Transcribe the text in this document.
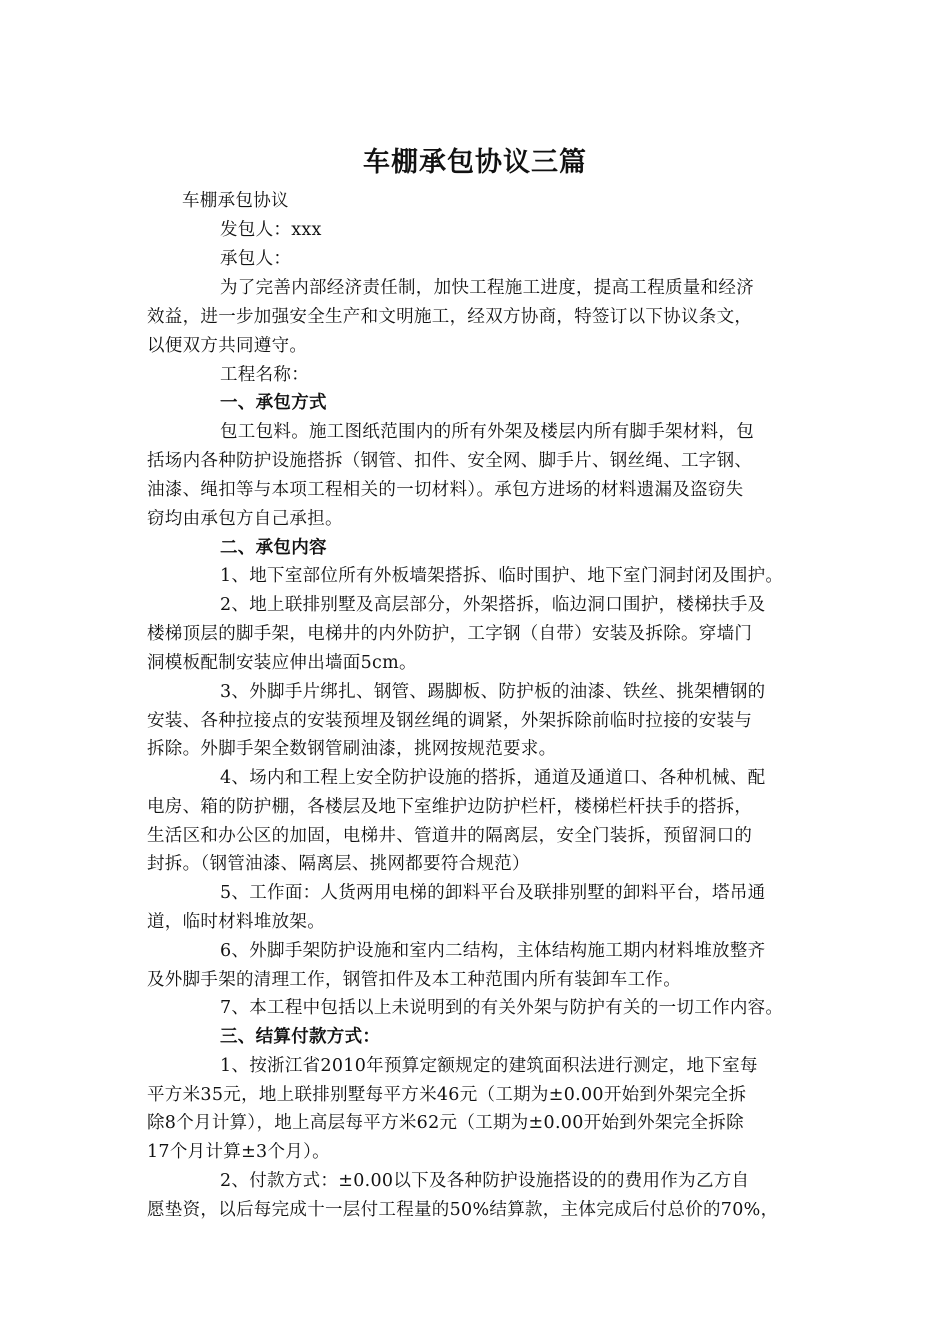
车棚承包协议三篇
车棚承包协议
发包人：xxx
承包人：
为了完善内部经济责任制，加快工程施工进度，提高工程质量和经济
效益，进一步加强安全生产和文明施工，经双方协商，特签订以下协议条文，
以便双方共同遵守。
工程名称：
一、承包方式
包工包料。施工图纸范围内的所有外架及楼层内所有脚手架材料，包
括场内各种防护设施搭拆（钢管、扣件、安全网、脚手片、钢丝绳、工字钢、
油漆、绳扣等与本项工程相关的一切材料）。承包方进场的材料遗漏及盗窃失
窃均由承包方自己承担。
二、承包内容
1、地下室部位所有外板墙架搭拆、临时围护、地下室门洞封闭及围护。
2、地上联排别墅及高层部分，外架搭拆，临边洞口围护，楼梯扶手及
楼梯顶层的脚手架，电梯井的内外防护，工字钢（自带）安装及拆除。穿墙门
洞模板配制安装应伸出墙面5cm。
3、外脚手片绑扎、钢管、踢脚板、防护板的油漆、铁丝、挑架槽钢的
安装、各种拉接点的安装预埋及钢丝绳的调紧，外架拆除前临时拉接的安装与
拆除。外脚手架全数钢管刷油漆，挑网按规范要求。
4、场内和工程上安全防护设施的搭拆，通道及通道口、各种机械、配
电房、箱的防护棚，各楼层及地下室维护边防护栏杆，楼梯栏杆扶手的搭拆，
生活区和办公区的加固，电梯井、管道井的隔离层，安全门装拆，预留洞口的
封拆。（钢管油漆、隔离层、挑网都要符合规范）
5、工作面：人货两用电梯的卸料平台及联排别墅的卸料平台，塔吊通
道，临时材料堆放架。
6、外脚手架防护设施和室内二结构，主体结构施工期内材料堆放整齐
及外脚手架的清理工作，钢管扣件及本工种范围内所有装卸车工作。
7、本工程中包括以上未说明到的有关外架与防护有关的一切工作内容。
三、结算付款方式：
1、按浙江省2010年预算定额规定的建筑面积法进行测定，地下室每
平方米35元，地上联排别墅每平方米46元（工期为±0.00开始到外架完全拆
除8个月计算），地上高层每平方米62元（工期为±0.00开始到外架完全拆除
17个月计算±3个月）。
2、付款方式：±0.00以下及各种防护设施搭设的的费用作为乙方自
愿垫资，以后每完成十一层付工程量的50%结算款，主体完成后付总价的70%，
